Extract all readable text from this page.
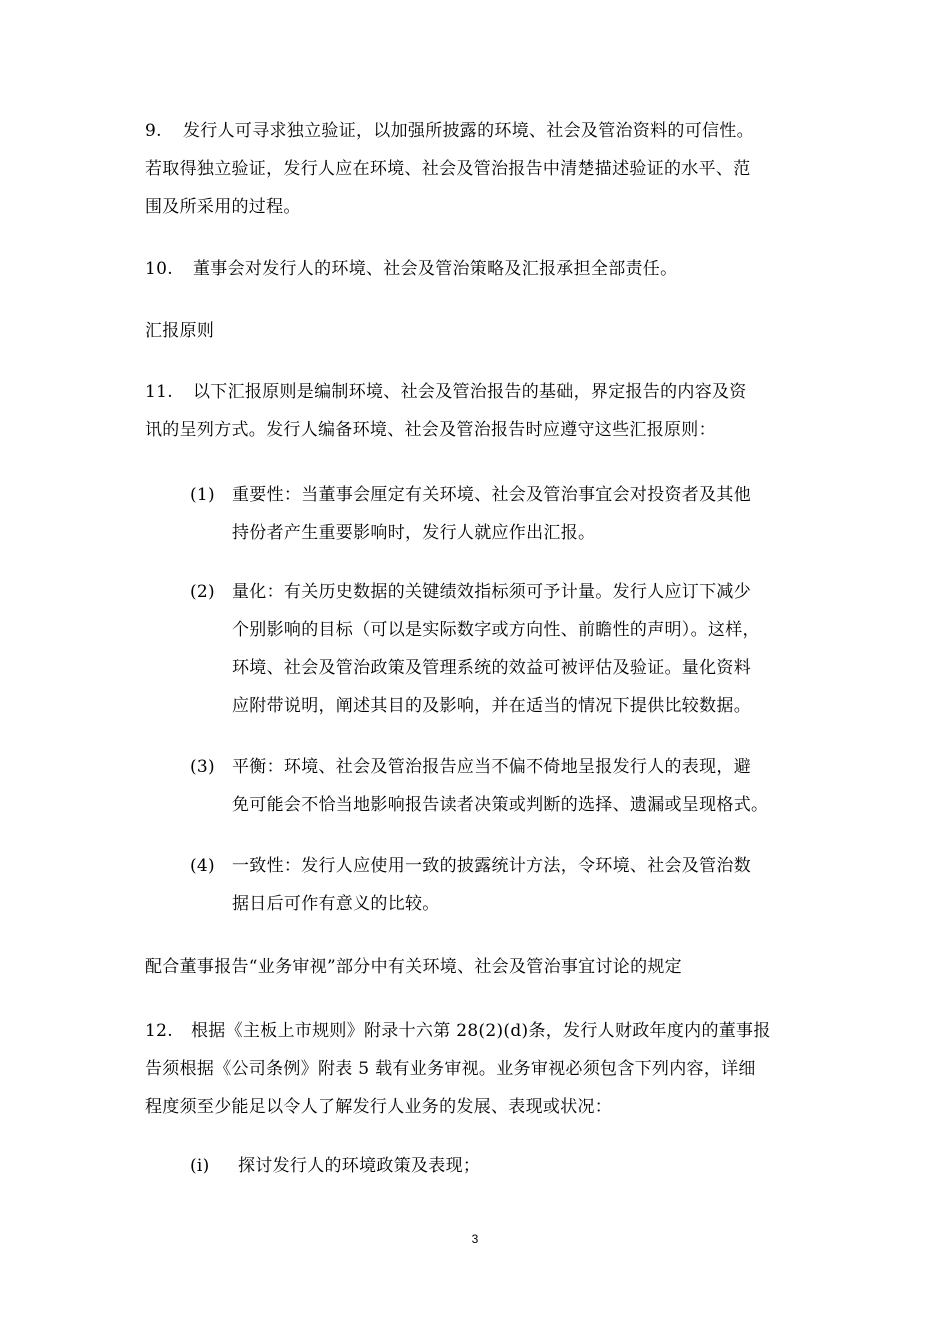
9. 发行人可寻求独立验证，以加强所披露的环境、社会及管治资料的可信性。
若取得独立验证，发行人应在环境、社会及管治报告中清楚描述验证的水平、范
围及所采用的过程。
10. 董事会对发行人的环境、社会及管治策略及汇报承担全部责任。
汇报原则
11. 以下汇报原则是编制环境、社会及管治报告的基础，界定报告的内容及资
讯的呈列方式。发行人编备环境、社会及管治报告时应遵守这些汇报原则：
(1) 重要性：当董事会厘定有关环境、社会及管治事宜会对投资者及其他
持份者产生重要影响时，发行人就应作出汇报。
(2) 量化：有关历史数据的关键绩效指标须可予计量。发行人应订下减少
个别影响的目标（可以是实际数字或方向性、前瞻性的声明）。这样，
环境、社会及管治政策及管理系统的效益可被评估及验证。量化资料
应附带说明，阐述其目的及影响，并在适当的情况下提供比较数据。
(3) 平衡：环境、社会及管治报告应当不偏不倚地呈报发行人的表现，避
免可能会不恰当地影响报告读者决策或判断的选择、遗漏或呈现格式。
(4) 一致性：发行人应使用一致的披露统计方法，令环境、社会及管治数
据日后可作有意义的比较。
配合董事报告“业务审视”部分中有关环境、社会及管治事宜讨论的规定
12. 根据《主板上市规则》附录十六第 28(2)(d)条，发行人财政年度内的董事报
告须根据《公司条例》附表 5 载有业务审视。业务审视必须包含下列内容，详细
程度须至少能足以令人了解发行人业务的发展、表现或状况：
(i) 探讨发行人的环境政策及表现；
3
